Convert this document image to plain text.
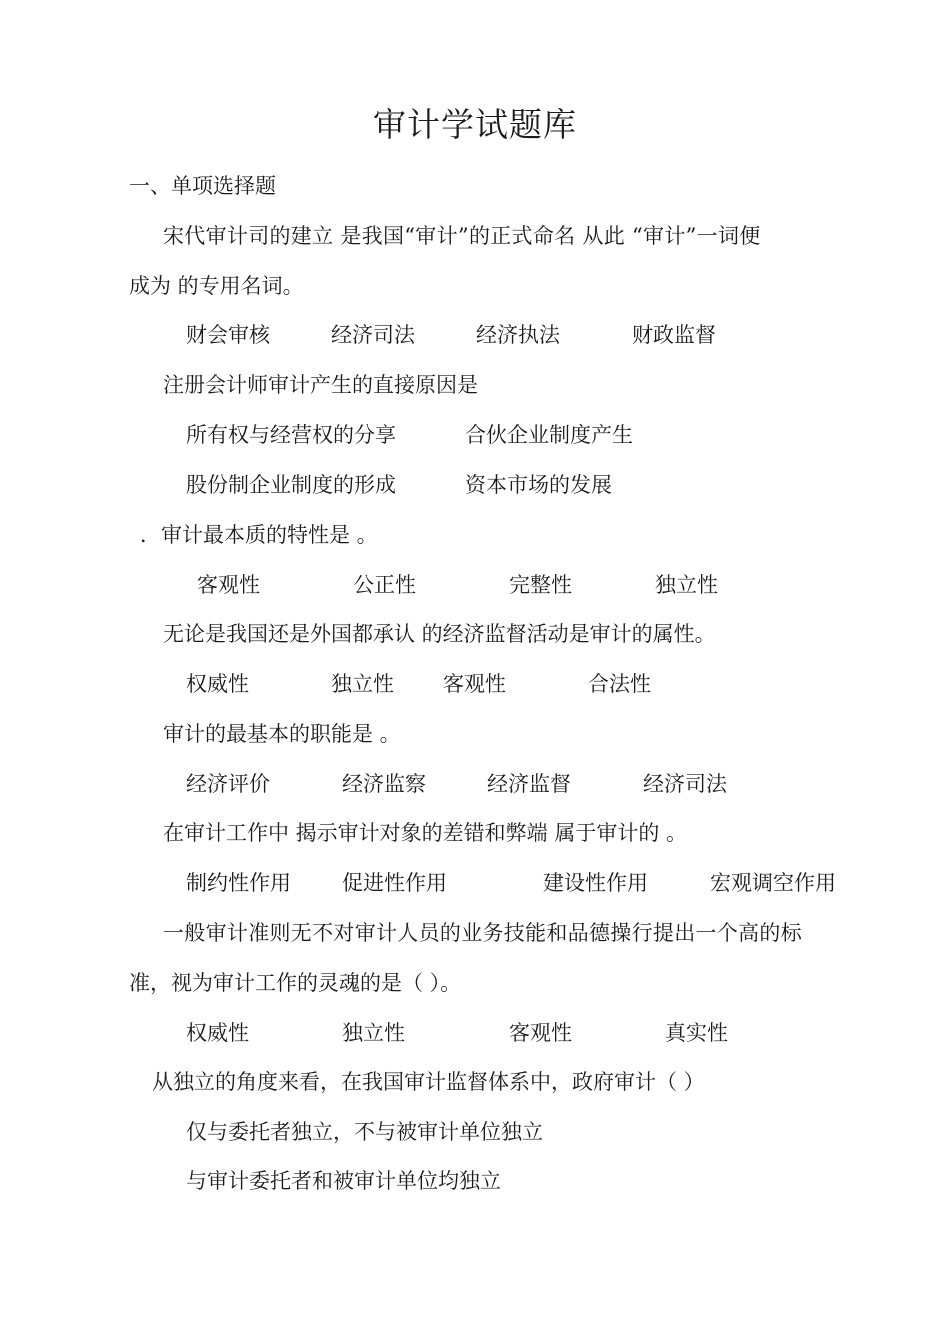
审计学试题库
一、单项选择题
宋代审计司的建立 是我国“审计”的正式命名 从此 “审计”一词便
成为 的专用名词。
财会审核	经济司法	经济执法	财政监督
注册会计师审计产生的直接原因是
所有权与经营权的分享	合伙企业制度产生
股份制企业制度的形成	资本市场的发展
．审计最本质的特性是 。
客观性	公正性	完整性	独立性
无论是我国还是外国都承认 的经济监督活动是审计的属性。
权威性	独立性 客观性	合法性
审计的最基本的职能是 。
经济评价	经济监察	经济监督	经济司法
在审计工作中 揭示审计对象的差错和弊端 属于审计的 。
制约性作用 促进性作用	建设性作用	宏观调空作用
一般审计准则无不对审计人员的业务技能和品德操行提出一个高的标
准，视为审计工作的灵魂的是（ ）。
权威性	独立性	客观性	真实性
从独立的角度来看，在我国审计监督体系中，政府审计（ ）
仅与委托者独立，不与被审计单位独立
与审计委托者和被审计单位均独立
